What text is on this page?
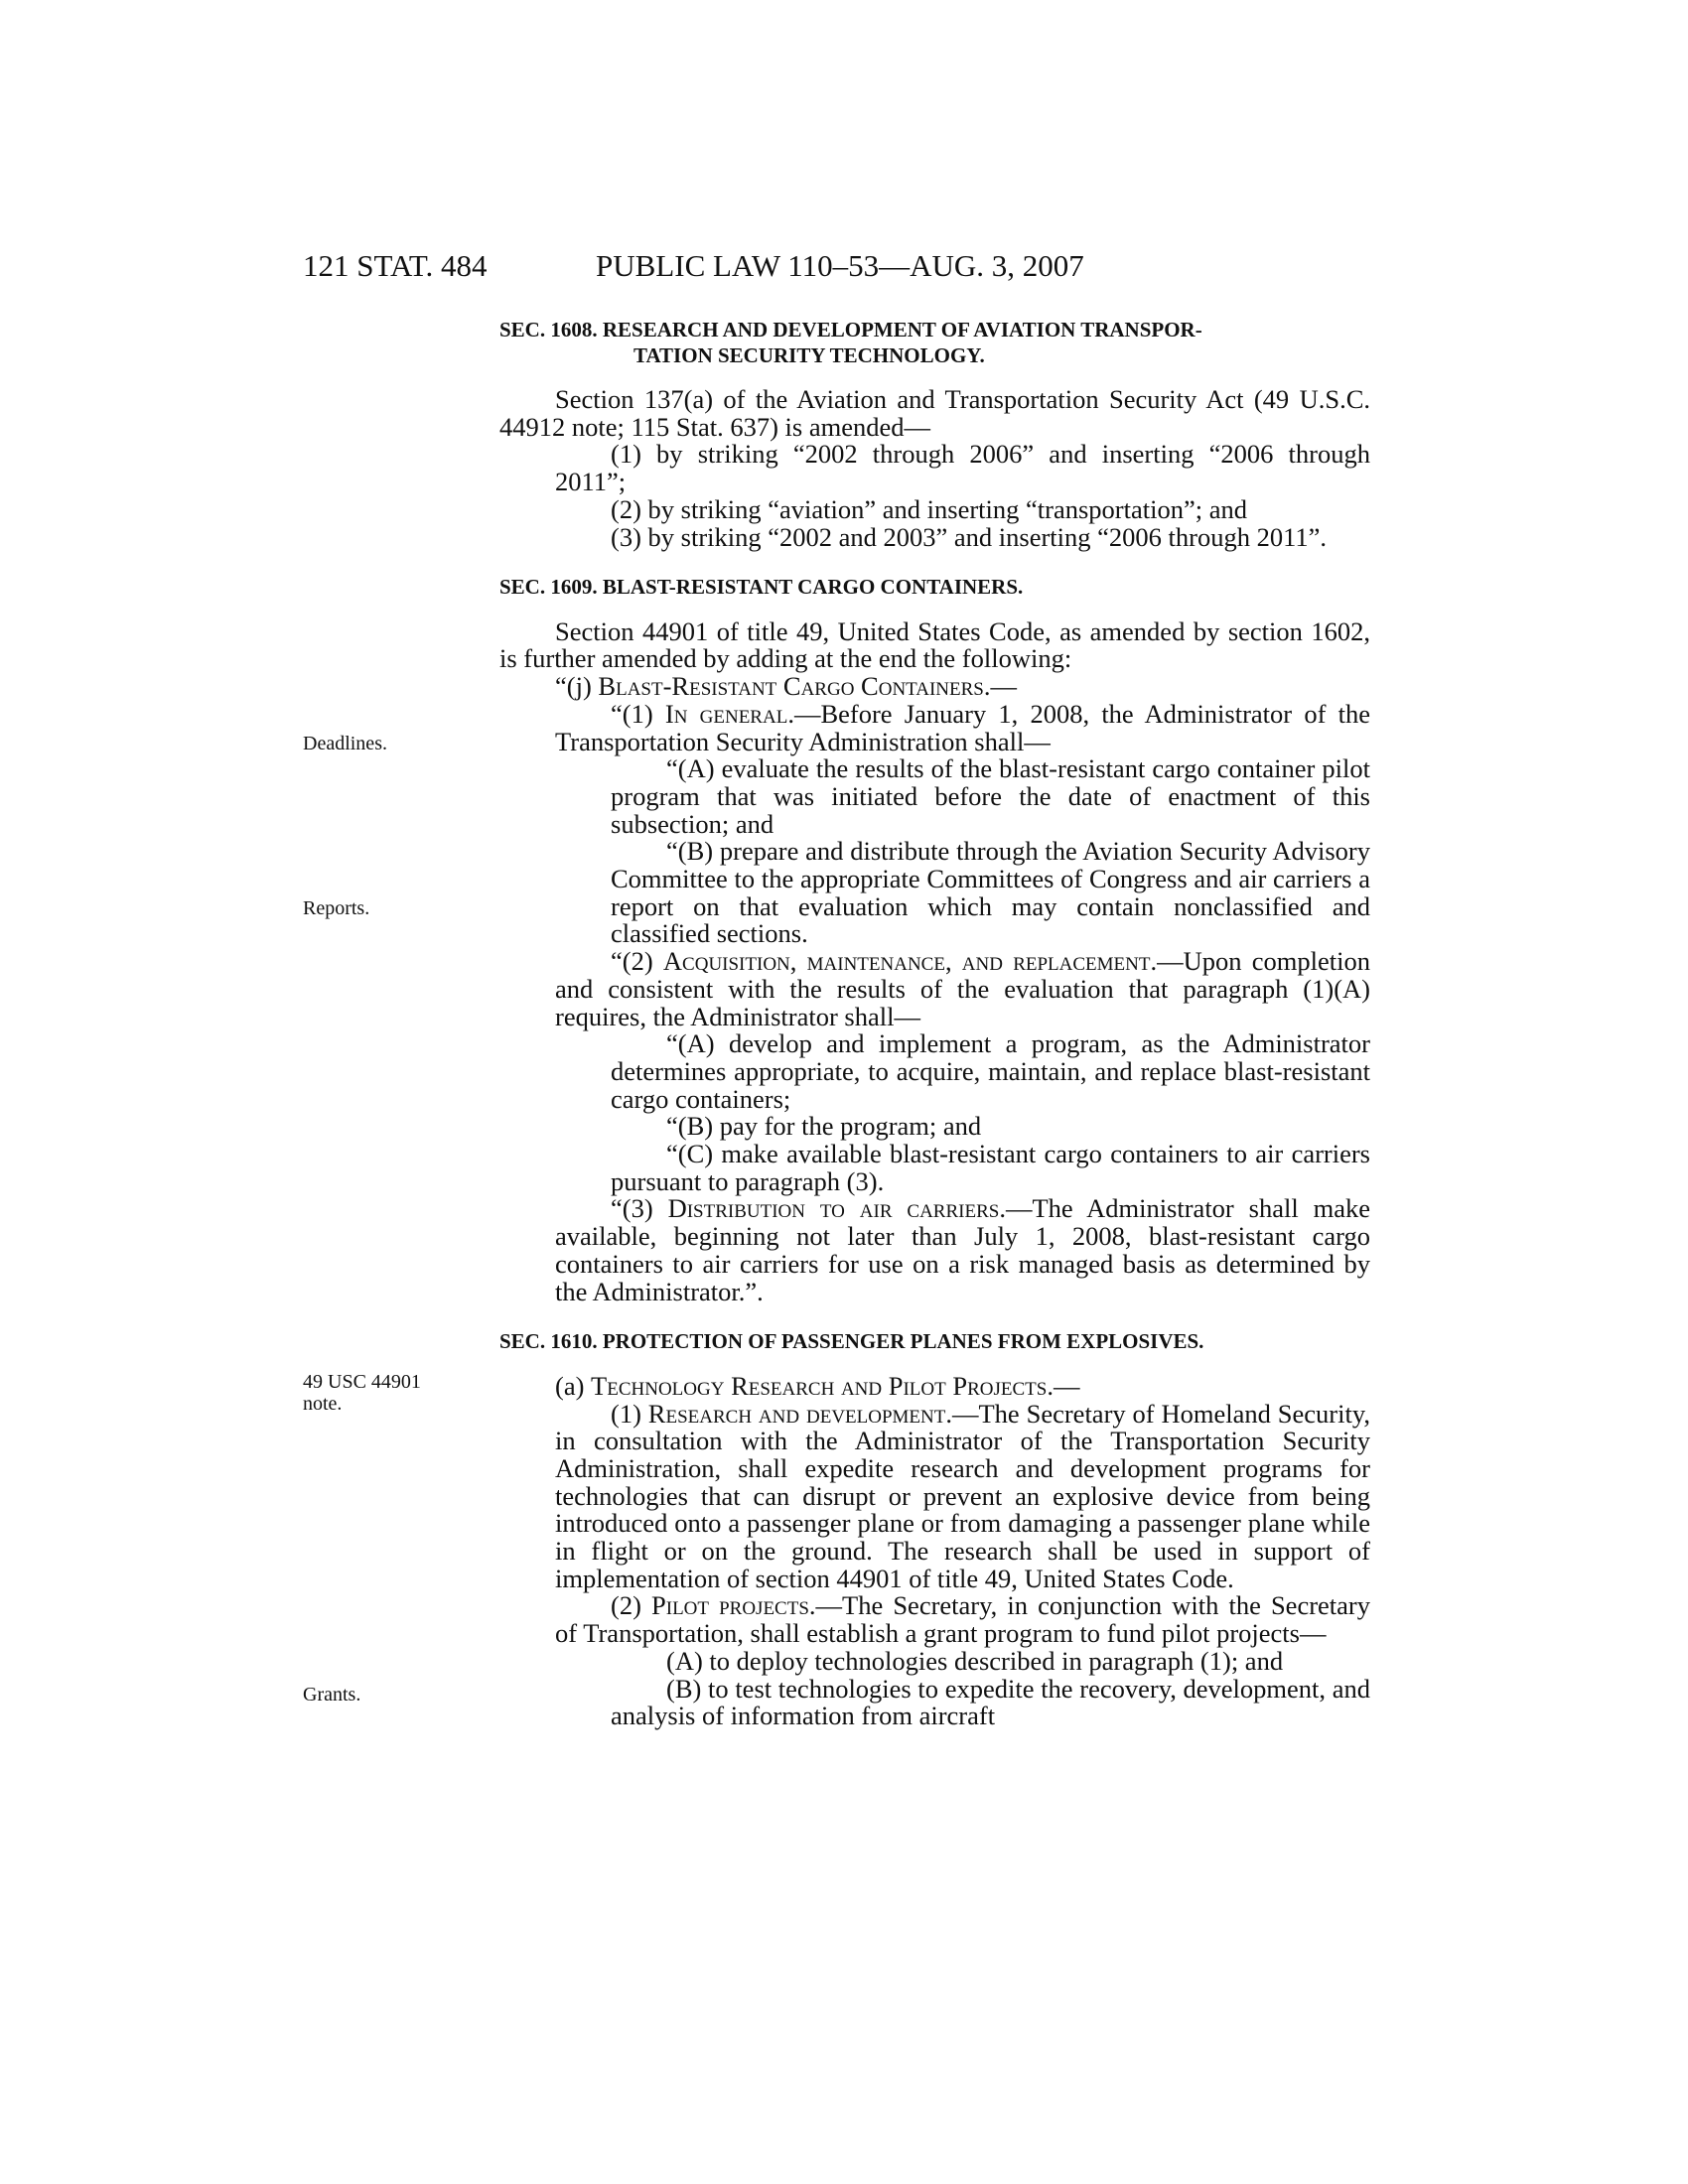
121 STAT. 484	PUBLIC LAW 110–53—AUG. 3, 2007
Deadlines.
Reports.
49 USC 44901
note.
Grants.
SEC. 1608. RESEARCH AND DEVELOPMENT OF AVIATION TRANSPOR-
TATION SECURITY TECHNOLOGY.

Section 137(a) of the Aviation and Transportation Security Act (49 U.S.C. 44912 note; 115 Stat. 637) is amended—

(1) by striking “2002 through 2006” and inserting “2006 through 2011”;

(2) by striking “aviation” and inserting “transportation”; and

(3) by striking “2002 and 2003” and inserting “2006 through 2011”.

SEC. 1609. BLAST-RESISTANT CARGO CONTAINERS.

Section 44901 of title 49, United States Code, as amended by section 1602, is further amended by adding at the end the following:

“(j) Blast-Resistant Cargo Containers.—

“(1) In general.—Before January 1, 2008, the Administrator of the Transportation Security Administration shall—

“(A) evaluate the results of the blast-resistant cargo container pilot program that was initiated before the date of enactment of this subsection; and

“(B) prepare and distribute through the Aviation Security Advisory Committee to the appropriate Committees of Congress and air carriers a report on that evaluation which may contain nonclassified and classified sections.

“(2) Acquisition, maintenance, and replacement.—Upon completion and consistent with the results of the evaluation that paragraph (1)(A) requires, the Administrator shall—

“(A) develop and implement a program, as the Administrator determines appropriate, to acquire, maintain, and replace blast-resistant cargo containers;

“(B) pay for the program; and

“(C) make available blast-resistant cargo containers to air carriers pursuant to paragraph (3).

“(3) Distribution to air carriers.—The Administrator shall make available, beginning not later than July 1, 2008, blast-resistant cargo containers to air carriers for use on a risk managed basis as determined by the Administrator.”.

SEC. 1610. PROTECTION OF PASSENGER PLANES FROM EXPLOSIVES.

(a) Technology Research and Pilot Projects.—

(1) Research and development.—The Secretary of Homeland Security, in consultation with the Administrator of the Transportation Security Administration, shall expedite research and development programs for technologies that can disrupt or prevent an explosive device from being introduced onto a passenger plane or from damaging a passenger plane while in flight or on the ground. The research shall be used in support of implementation of section 44901 of title 49, United States Code.

(2) Pilot projects.—The Secretary, in conjunction with the Secretary of Transportation, shall establish a grant program to fund pilot projects—

(A) to deploy technologies described in paragraph (1); and

(B) to test technologies to expedite the recovery, development, and analysis of information from aircraft
